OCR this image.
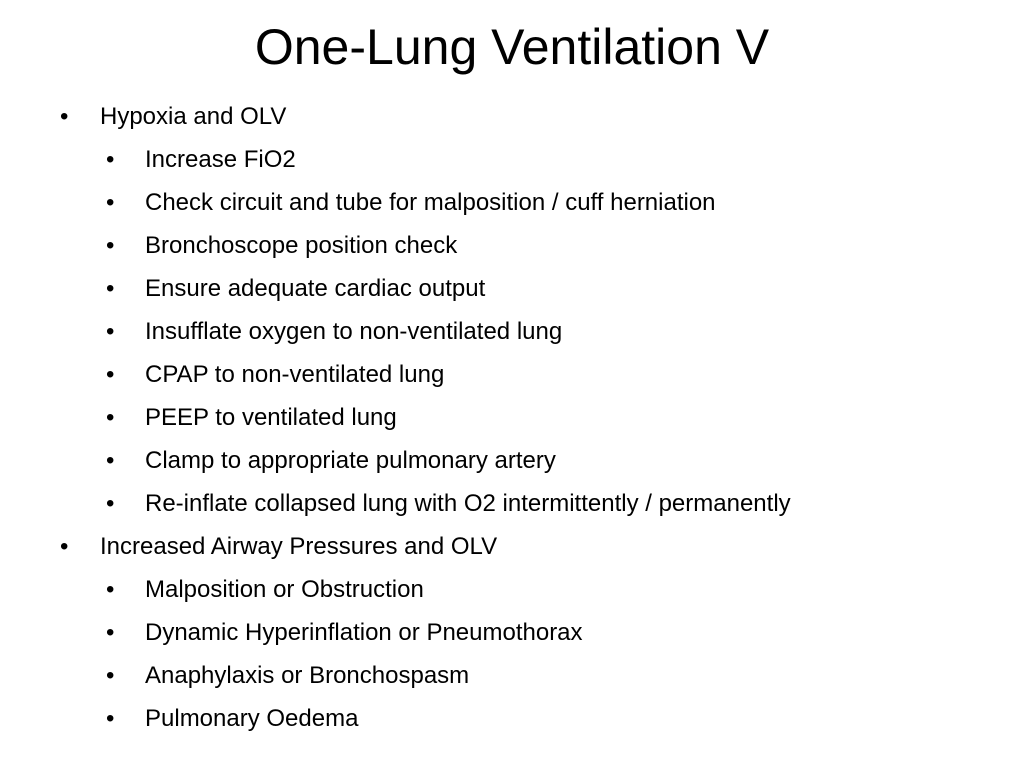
One-Lung Ventilation V
• Hypoxia and OLV
• Increase FiO2
• Check circuit and tube for malposition / cuff herniation
• Bronchoscope position check
• Ensure adequate cardiac output
• Insufflate oxygen to non-ventilated lung
• CPAP to non-ventilated lung
• PEEP to ventilated lung
• Clamp to appropriate pulmonary artery
• Re-inflate collapsed lung with O2 intermittently / permanently
• Increased Airway Pressures and OLV
• Malposition or Obstruction
• Dynamic Hyperinflation or Pneumothorax
• Anaphylaxis or Bronchospasm
• Pulmonary Oedema
